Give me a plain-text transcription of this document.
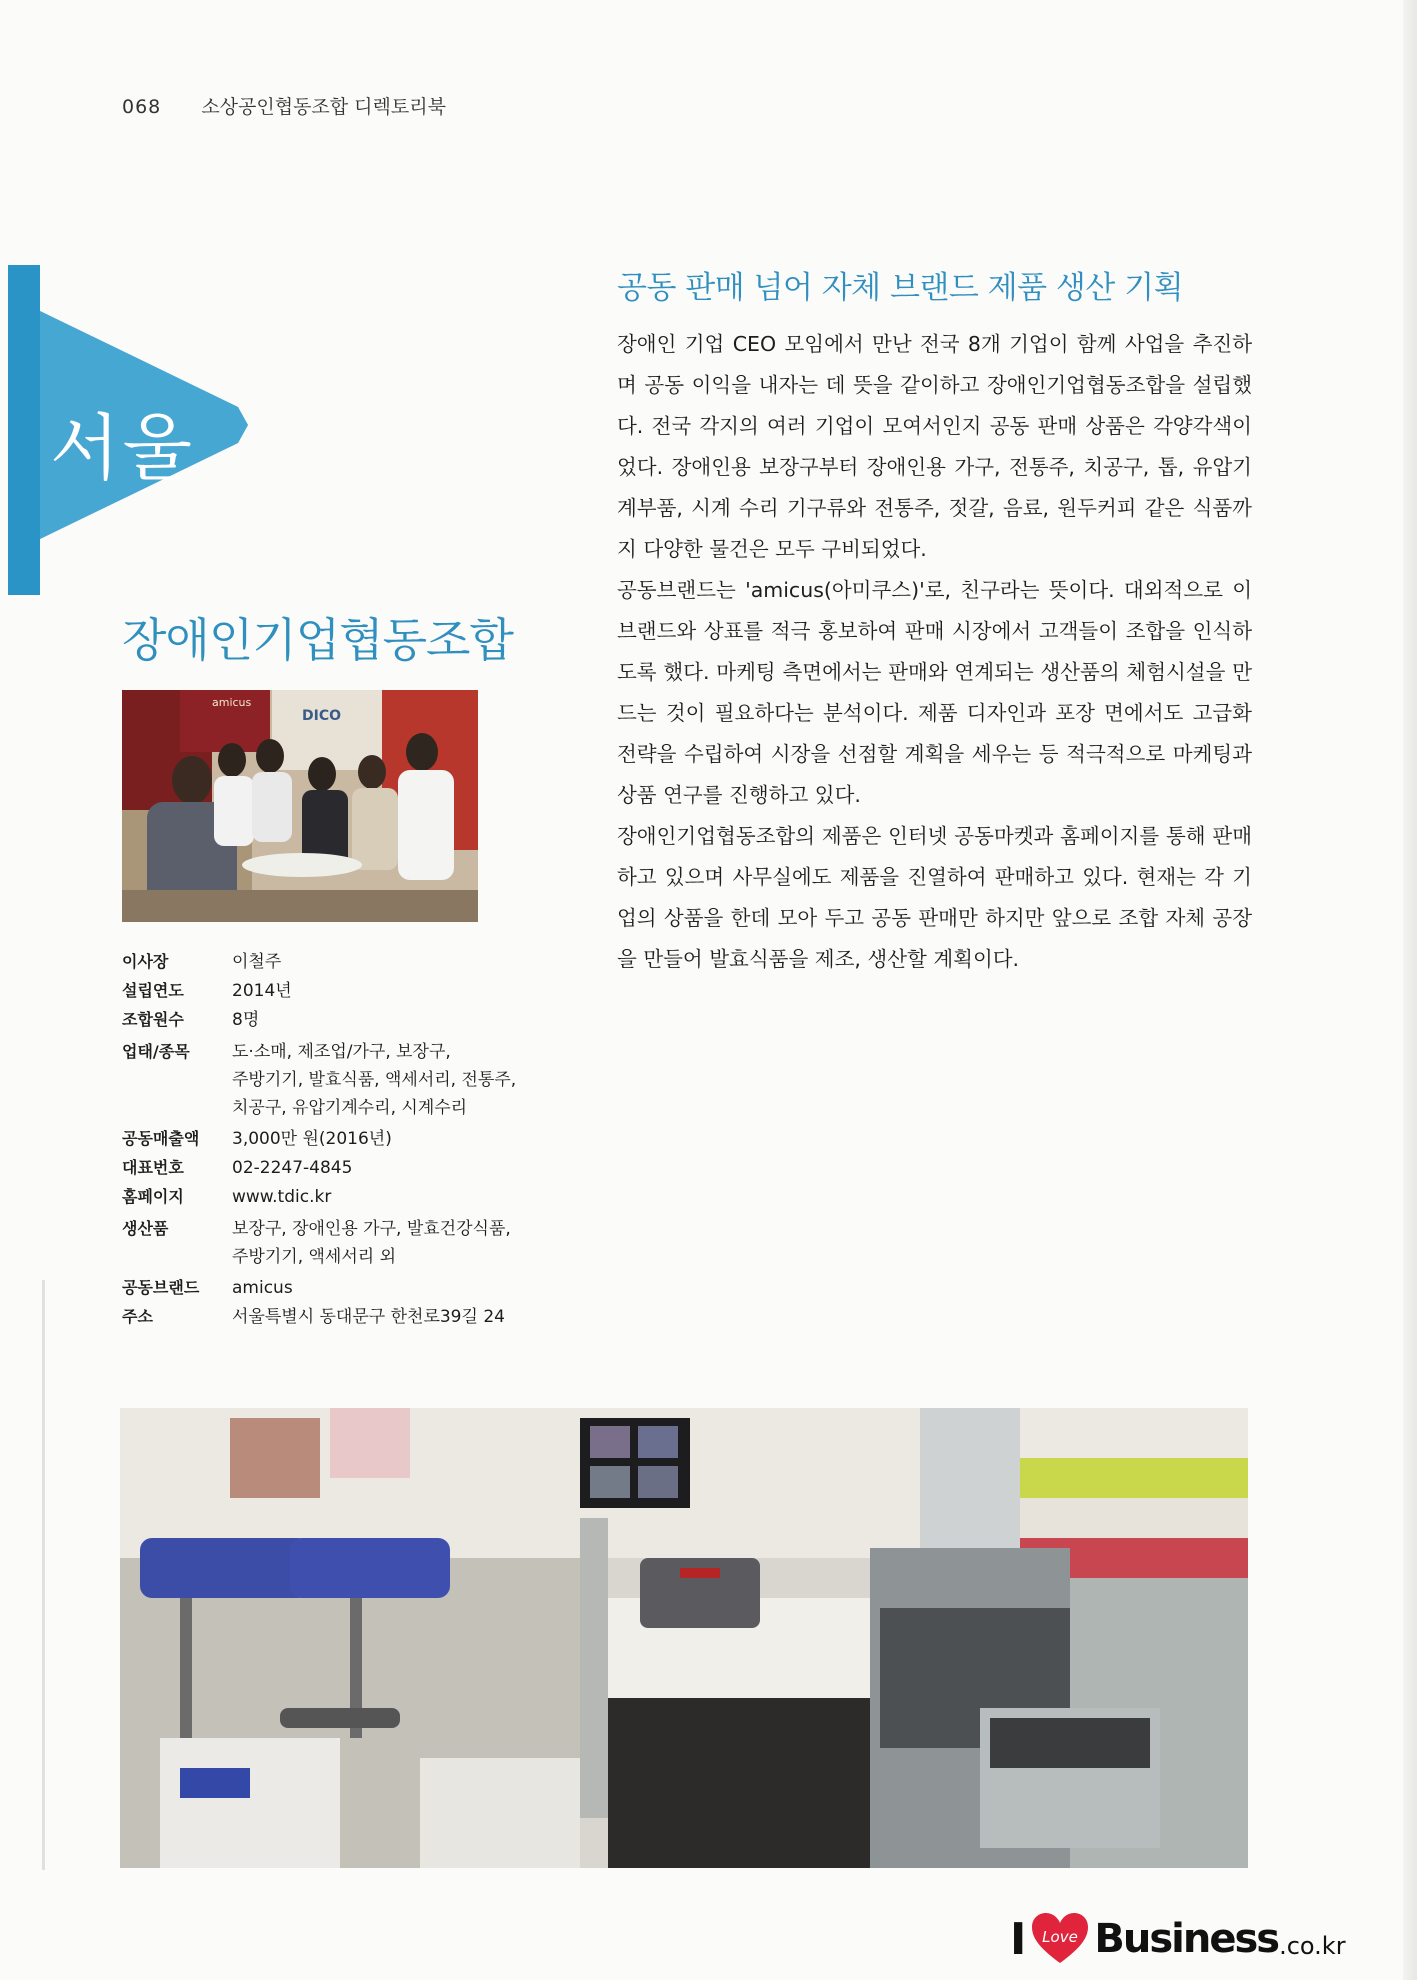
068 소상공인협동조합 디렉토리북
서울
장애인기업협동조합
amicus
DICO
이사장	이철주
설립연도	2014년
조합원수	8명
업태/종목	도·소매, 제조업/가구, 보장구,
주방기기, 발효식품, 액세서리, 전통주,
치공구, 유압기계수리, 시계수리
공동매출액	3,000만 원(2016년)
대표번호	02-2247-4845
홈페이지	www.tdic.kr
생산품	보장구, 장애인용 가구, 발효건강식품,
주방기기, 액세서리 외
공동브랜드	amicus
주소	서울특별시 동대문구 한천로39길 24
공동 판매 넘어 자체 브랜드 제품 생산 기획

장애인 기업 CEO 모임에서 만난 전국 8개 기업이 함께 사업을 추진하며 공동 이익을 내자는 데 뜻을 같이하고 장애인기업협동조합을 설립했다. 전국 각지의 여러 기업이 모여서인지 공동 판매 상품은 각양각색이었다. 장애인용 보장구부터 장애인용 가구, 전통주, 치공구, 톱, 유압기계부품, 시계 수리 기구류와 전통주, 젓갈, 음료, 원두커피 같은 식품까지 다양한 물건은 모두 구비되었다.

공동브랜드는 'amicus(아미쿠스)'로, 친구라는 뜻이다. 대외적으로 이 브랜드와 상표를 적극 홍보하여 판매 시장에서 고객들이 조합을 인식하도록 했다. 마케팅 측면에서는 판매와 연계되는 생산품의 체험시설을 만드는 것이 필요하다는 분석이다. 제품 디자인과 포장 면에서도 고급화 전략을 수립하여 시장을 선점할 계획을 세우는 등 적극적으로 마케팅과 상품 연구를 진행하고 있다.

장애인기업협동조합의 제품은 인터넷 공동마켓과 홈페이지를 통해 판매하고 있으며 사무실에도 제품을 진열하여 판매하고 있다. 현재는 각 기업의 상품을 한데 모아 두고 공동 판매만 하지만 앞으로 조합 자체 공장을 만들어 발효식품을 제조, 생산할 계획이다.

I Love Business .co.kr
